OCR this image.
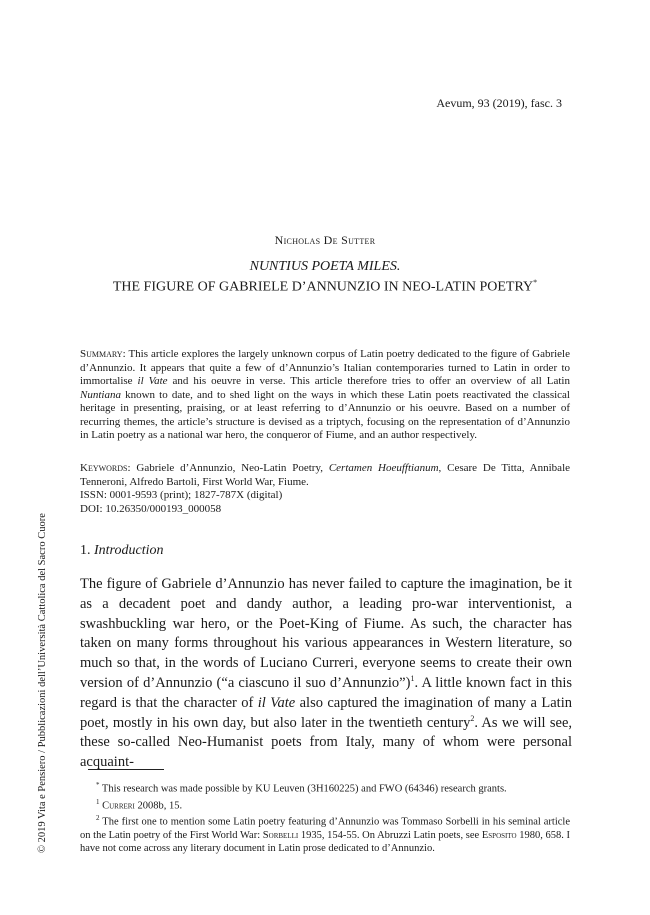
Aevum, 93 (2019), fasc. 3
Nicholas De Sutter
NUNTIUS POETA MILES.
THE FIGURE OF GABRIELE D’ANNUNZIO IN NEO-LATIN POETRY*
Summary: This article explores the largely unknown corpus of Latin poetry dedicated to the figure of Gabriele d’Annunzio. It appears that quite a few of d’Annunzio’s Italian contemporaries turned to Latin in order to immortalise il Vate and his oeuvre in verse. This article therefore tries to offer an overview of all Latin Nuntiana known to date, and to shed light on the ways in which these Latin poets reactivated the classical heritage in presenting, praising, or at least referring to d’Annunzio or his oeuvre. Based on a number of recurring themes, the article’s structure is devised as a triptych, focusing on the representation of d’Annunzio in Latin poetry as a national war hero, the conqueror of Fiume, and an author respectively.
Keywords: Gabriele d’Annunzio, Neo-Latin Poetry, Certamen Hoeufftianum, Cesare De Titta, Annibale Tenneroni, Alfredo Bartoli, First World War, Fiume.
ISSN: 0001-9593 (print); 1827-787X (digital)
DOI: 10.26350/000193_000058
1. Introduction
The figure of Gabriele d’Annunzio has never failed to capture the imagination, be it as a decadent poet and dandy author, a leading pro-war interventionist, a swashbuckling war hero, or the Poet-King of Fiume. As such, the character has taken on many forms throughout his various appearances in Western literature, so much so that, in the words of Luciano Curreri, everyone seems to create their own version of d’Annunzio (“a ciascuno il suo d’Annunzio”)$^1$. A little known fact in this regard is that the character of il Vate also captured the imagination of many a Latin poet, mostly in his own day, but also later in the twentieth century$^2$. As we will see, these so-called Neo-Humanist poets from Italy, many of whom were personal acquaint-

* This research was made possible by KU Leuven (3H160225) and FWO (64346) research grants.

$^1$ Curreri 2008b, 15.

$^2$ The first one to mention some Latin poetry featuring d’Annunzio was Tommaso Sorbelli in his seminal article on the Latin poetry of the First World War: Sorbelli 1935, 154-55. On Abruzzi Latin poets, see Esposito 1980, 658. I have not come across any literary document in Latin prose dedicated to d’Annunzio.

© 2019 Vita e Pensiero / Pubblicazioni dell’Università Cattolica del Sacro Cuore
